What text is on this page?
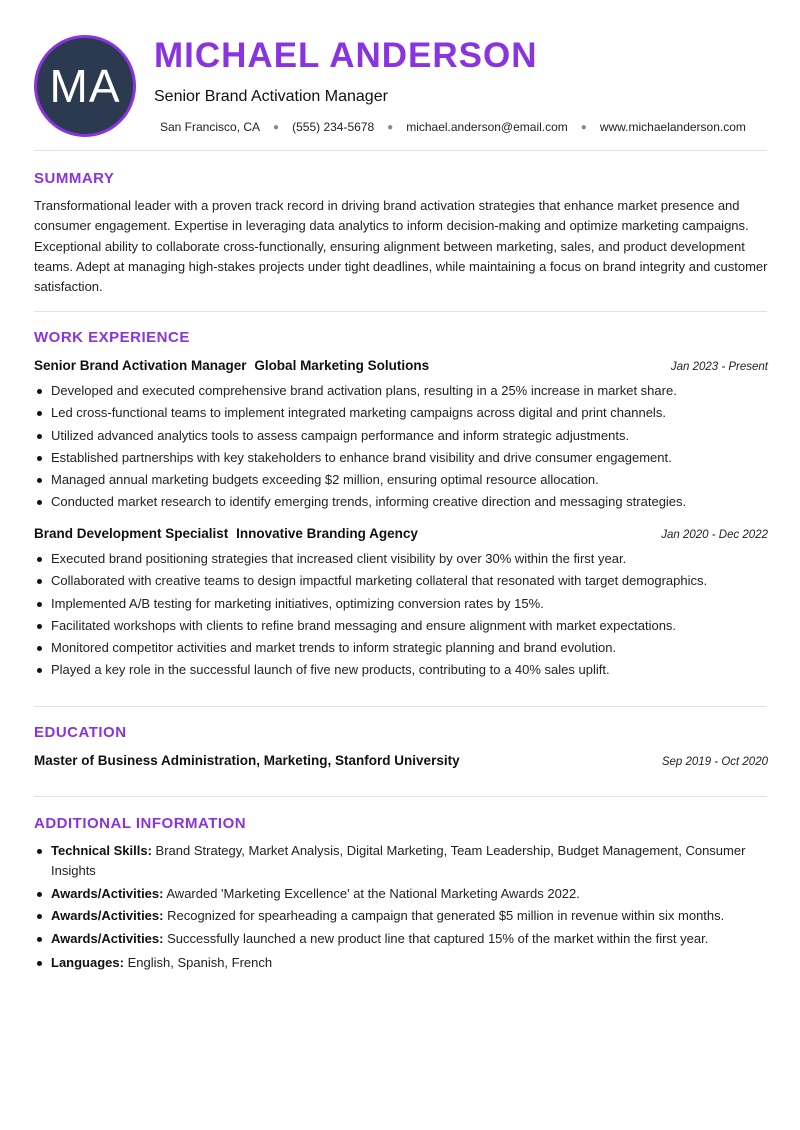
MA
MICHAEL ANDERSON
Senior Brand Activation Manager
San Francisco, CA ● (555) 234-5678 ● michael.anderson@email.com ● www.michaelanderson.com
SUMMARY

Transformational leader with a proven track record in driving brand activation strategies that enhance market presence and consumer engagement. Expertise in leveraging data analytics to inform decision-making and optimize marketing campaigns. Exceptional ability to collaborate cross-functionally, ensuring alignment between marketing, sales, and product development teams. Adept at managing high-stakes projects under tight deadlines, while maintaining a focus on brand integrity and customer satisfaction.

WORK EXPERIENCE
Senior Brand Activation Manager Global Marketing Solutions	Jan 2023 - Present
Developed and executed comprehensive brand activation plans, resulting in a 25% increase in market share.
Led cross-functional teams to implement integrated marketing campaigns across digital and print channels.
Utilized advanced analytics tools to assess campaign performance and inform strategic adjustments.
Established partnerships with key stakeholders to enhance brand visibility and drive consumer engagement.
Managed annual marketing budgets exceeding $2 million, ensuring optimal resource allocation.
Conducted market research to identify emerging trends, informing creative direction and messaging strategies.
Brand Development Specialist Innovative Branding Agency	Jan 2020 - Dec 2022
Executed brand positioning strategies that increased client visibility by over 30% within the first year.
Collaborated with creative teams to design impactful marketing collateral that resonated with target demographics.
Implemented A/B testing for marketing initiatives, optimizing conversion rates by 15%.
Facilitated workshops with clients to refine brand messaging and ensure alignment with market expectations.
Monitored competitor activities and market trends to inform strategic planning and brand evolution.
Played a key role in the successful launch of five new products, contributing to a 40% sales uplift.
EDUCATION
Master of Business Administration, Marketing, Stanford University	Sep 2019 - Oct 2020
ADDITIONAL INFORMATION
Technical Skills: Brand Strategy, Market Analysis, Digital Marketing, Team Leadership, Budget Management, Consumer Insights
Awards/Activities: Awarded 'Marketing Excellence' at the National Marketing Awards 2022.
Awards/Activities: Recognized for spearheading a campaign that generated $5 million in revenue within six months.
Awards/Activities: Successfully launched a new product line that captured 15% of the market within the first year.
Languages: English, Spanish, French
